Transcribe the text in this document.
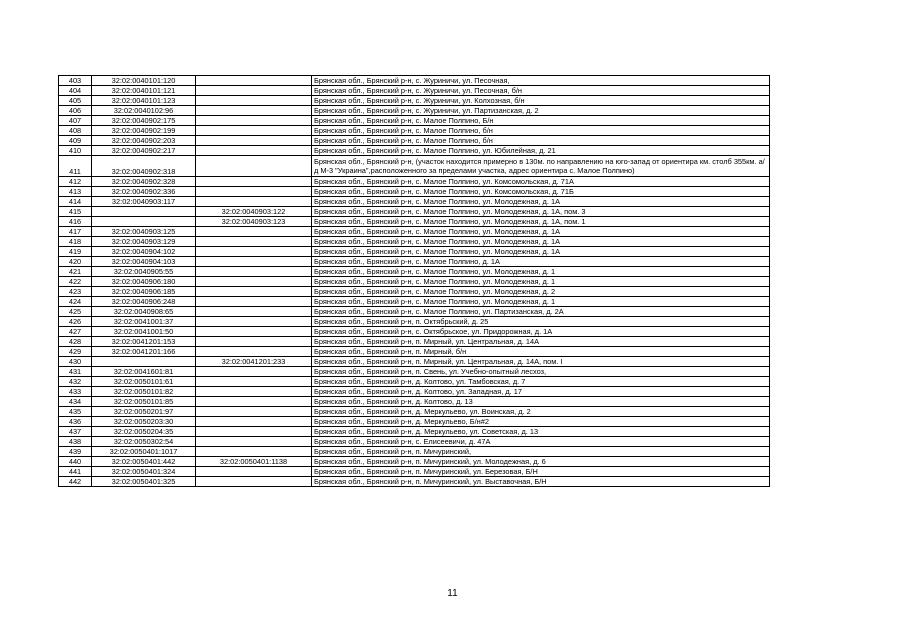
403	32:02:0040101:120		Брянская обл., Брянский р-н, с. Журиничи, ул. Песочная,
404	32:02:0040101:121		Брянская обл., Брянский р-н, с. Журиничи, ул. Песочная, б/н
405	32:02:0040101:123		Брянская обл., Брянский р-н, с. Журиничи, ул. Колхозная, б/н
406	32:02:0040102:96		Брянская обл., Брянский р-н, с. Журиничи, ул. Партизанская, д. 2
407	32:02:0040902:175		Брянская обл., Брянский р-н, с. Малое Полпино, Б/н
408	32:02:0040902:199		Брянская обл., Брянский р-н, с. Малое Полпино, б/н
409	32:02:0040902:203		Брянская обл., Брянский р-н, с. Малое Полпино, б/н
410	32:02:0040902:217		Брянская обл., Брянский р-н, с. Малое Полпино, ул. Юбилейная, д. 21
411	32:02:0040902:318		Брянская обл., Брянский р-н, (участок находится примерно в 130м. по направлению на юго-запад от ориентира км. столб 355км. а/д М-3 "Украина",расположенного за пределами участка, адрес ориентира с. Малое Полпино)
412	32:02:0040902:328		Брянская обл., Брянский р-н, с. Малое Полпино, ул. Комсомольская, д. 71А
413	32:02:0040902:336		Брянская обл., Брянский р-н, с. Малое Полпино, ул. Комсомольская, д. 71Б
414	32:02:0040903:117		Брянская обл., Брянский р-н, с. Малое Полпино, ул. Молодежная, д. 1А
415		32:02:0040903:122	Брянская обл., Брянский р-н, с. Малое Полпино, ул. Молодежная, д. 1А, пом. 3
416		32:02:0040903:123	Брянская обл., Брянский р-н, с. Малое Полпино, ул. Молодежная, д. 1А, пом. 1
417	32:02:0040903:125		Брянская обл., Брянский р-н, с. Малое Полпино, ул. Молодежная, д. 1А
418	32:02:0040903:129		Брянская обл., Брянский р-н, с. Малое Полпино, ул. Молодежная, д. 1А
419	32:02:0040904:102		Брянская обл., Брянский р-н, с. Малое Полпино, ул. Молодежная, д. 1А
420	32:02:0040904:103		Брянская обл., Брянский р-н, с. Малое Полпино, д. 1А
421	32:02:0040905:55		Брянская обл., Брянский р-н, с. Малое Полпино, ул. Молодежная, д. 1
422	32:02:0040906:180		Брянская обл., Брянский р-н, с. Малое Полпино, ул. Молодежная, д. 1
423	32:02:0040906:185		Брянская обл., Брянский р-н, с. Малое Полпино, ул. Молодежная, д. 2
424	32:02:0040906:248		Брянская обл., Брянский р-н, с. Малое Полпино, ул. Молодежная, д. 1
425	32:02:0040908:65		Брянская обл., Брянский р-н, с. Малое Полпино, ул. Партизанская, д. 2А
426	32:02:0041001:37		Брянская обл., Брянский р-н, п. Октябрьский, д. 25
427	32:02:0041001:50		Брянская обл., Брянский р-н, с. Октябрьское, ул. Придорожная, д. 1А
428	32:02:0041201:153		Брянская обл., Брянский р-н, п. Мирный, ул. Центральная, д. 14А
429	32:02:0041201:166		Брянская обл., Брянский р-н, п. Мирный, б/н
430		32:02:0041201:233	Брянская обл., Брянский р-н, п. Мирный, ул. Центральная, д. 14А, пом. I
431	32:02:0041601:81		Брянская обл., Брянский р-н, п. Свень, ул. Учебно-опытный лесхоз,
432	32:02:0050101:61		Брянская обл., Брянский р-н, д. Колтово, ул. Тамбовская, д. 7
433	32:02:0050101:82		Брянская обл., Брянский р-н, д. Колтово, ул. Западная, д. 17
434	32:02:0050101:85		Брянская обл., Брянский р-н, д. Колтово, д. 13
435	32:02:0050201:97		Брянская обл., Брянский р-н, д. Меркульево, ул. Воинская, д. 2
436	32:02:0050203:30		Брянская обл., Брянский р-н, д. Меркульево, Б/н#2
437	32:02:0050204:35		Брянская обл., Брянский р-н, д. Меркульево, ул. Советская, д. 13
438	32:02:0050302:54		Брянская обл., Брянский р-н, с. Елисеевичи, д. 47А
439	32:02:0050401:1017		Брянская обл., Брянский р-н, п. Мичуринский,
440	32:02:0050401:442	32:02:0050401:1138	Брянская обл., Брянский р-н, п. Мичуринский, ул. Молодежная, д. 6
441	32:02:0050401:324		Брянская обл., Брянский р-н, п. Мичуринский, ул. Березовая, Б/Н
442	32:02:0050401:325		Брянская обл., Брянский р-н, п. Мичуринский, ул. Выставочная, Б/Н
11
